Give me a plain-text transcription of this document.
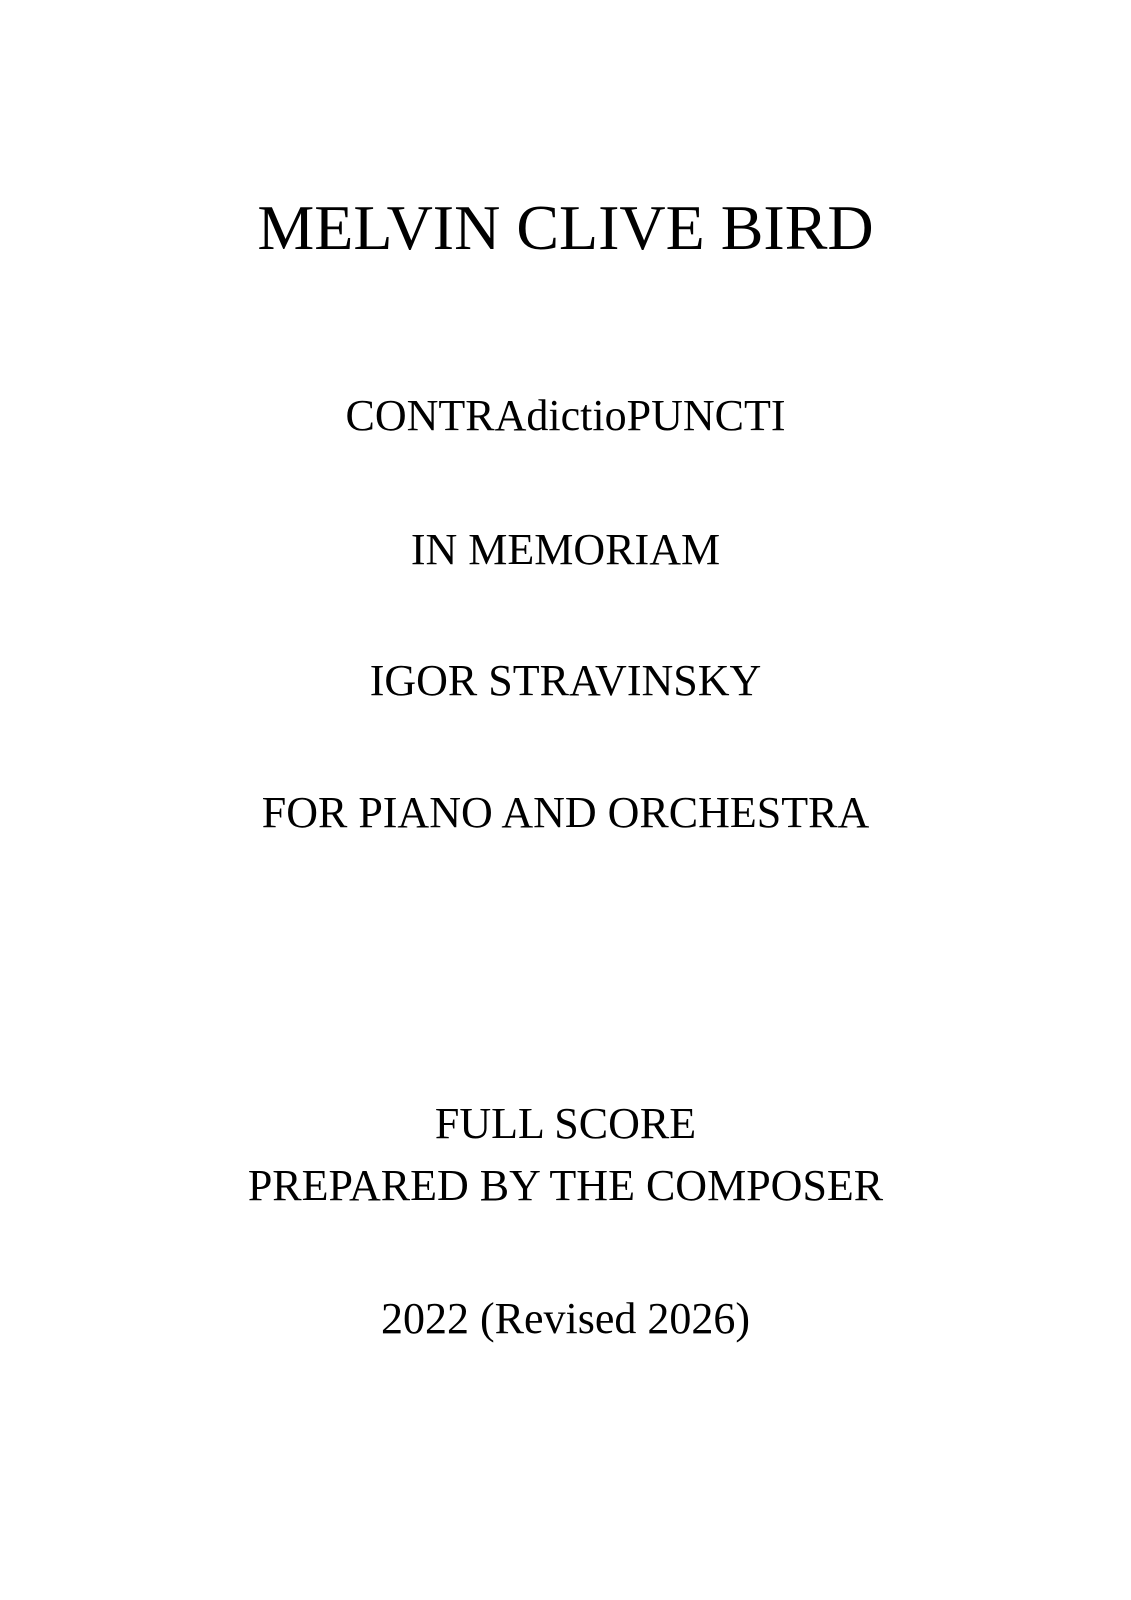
MELVIN CLIVE BIRD
CONTRAdictioPUNCTI
IN MEMORIAM
IGOR STRAVINSKY
FOR PIANO AND ORCHESTRA
FULL SCORE
PREPARED BY THE COMPOSER
2022 (Revised 2026)
